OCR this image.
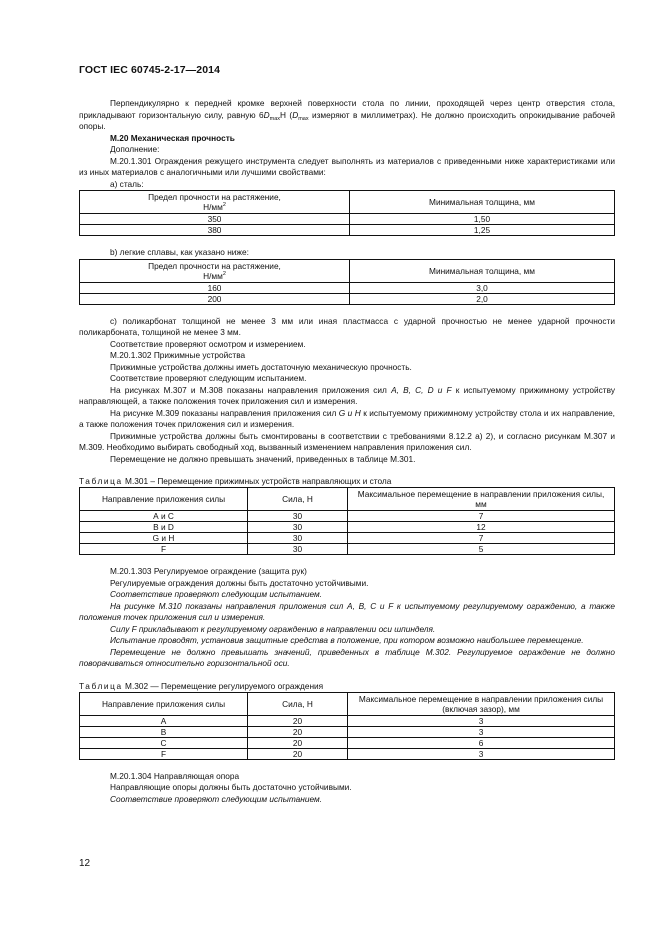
ГОСТ IEC 60745-2-17—2014

Перпендикулярно к передней кромке верхней поверхности стола по линии, проходящей через центр отверстия стола, прикладывают горизонтальную силу, равную $6D_{max}Н$ ($D_{max}$ измеряют в миллиметрах). Не должно происходить опрокидывание рабочей опоры.

М.20 Механическая прочность

Дополнение:

М.20.1.301 Ограждения режущего инструмента следует выполнять из материалов с приведенными ниже характеристиками или из иных материалов с аналогичными или лучшими свойствами:

а) сталь:

Предел прочности на растяжение,
$Н/мм^2$	Минимальная толщина, мм
350	1,50
380	1,25

b) легкие сплавы, как указано ниже:

Предел прочности на растяжение,
$Н/мм^2$	Минимальная толщина, мм
160	3,0
200	2,0

с) поликарбонат толщиной не менее 3 мм или иная пластмасса с ударной прочностью не менее ударной прочности поликарбоната, толщиной не менее 3 мм.

Соответствие проверяют осмотром и измерением.

М.20.1.302 Прижимные устройства

Прижимные устройства должны иметь достаточную механическую прочность.

Соответствие проверяют следующим испытанием.

На рисунках М.307 и М.308 показаны направления приложения сил А, В, С, D и F к испытуемому прижимному устройству направляющей, а также положения точек приложения сил и измерения.

На рисунке М.309 показаны направления приложения сил G и Н к испытуемому прижимному устройству стола и их направление, а также положения точек приложения сил и измерения.

Прижимные устройства должны быть смонтированы в соответствии с требованиями 8.12.2 а) 2), и согласно рисункам М.307 и М.309. Необходимо выбирать свободный ход, вызванный изменением направления приложения сил.

Перемещение не должно превышать значений, приведенных в таблице М.301.

Таблица М.301 – Перемещение прижимных устройств направляющих и стола

Направление приложения силы	Сила, Н	Максимальное перемещение в направлении приложения силы, мм
А и С	30	7
В и D	30	12
G и Н	30	7
F	30	5

М.20.1.303 Регулируемое ограждение (защита рук)

Регулируемые ограждения должны быть достаточно устойчивыми.

Соответствие проверяют следующим испытанием.

На рисунке М.310 показаны направления приложения сил А, В, С и F к испытуемому регулируемому ограждению, а также положения точек приложения сил и измерения.

Силу F прикладывают к регулируемому ограждению в направлении оси шпинделя.

Испытание проводят, установив защитные средства в положение, при котором возможно наибольшее перемещение.

Перемещение не должно превышать значений, приведенных в таблице М.302. Регулируемое ограждение не должно поворачиваться относительно горизонтальной оси.

Таблица М.302 — Перемещение регулируемого ограждения

Направление приложения силы	Сила, Н	Максимальное перемещение в направлении приложения силы (включая зазор), мм
А	20	3
В	20	3
С	20	6
F	20	3

М.20.1.304 Направляющая опора

Направляющие опоры должны быть достаточно устойчивыми.

Соответствие проверяют следующим испытанием.

12
